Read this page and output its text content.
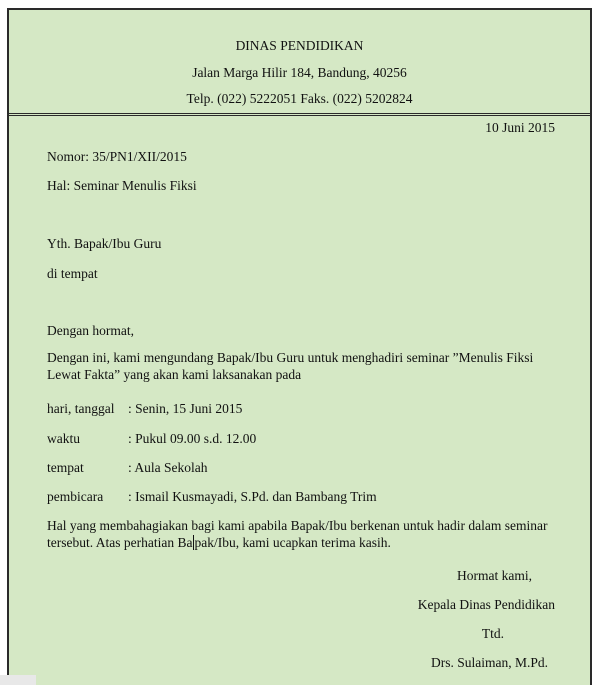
DINAS PENDIDIKAN
Jalan Marga Hilir 184, Bandung, 40256
Telp. (022) 5222051 Faks. (022) 5202824
10 Juni 2015
Nomor: 35/PN1/XII/2015
Hal: Seminar Menulis Fiksi
Yth. Bapak/Ibu Guru
di tempat
Dengan hormat,
Dengan ini, kami mengundang Bapak/Ibu Guru untuk menghadiri seminar ”Menulis Fiksi Lewat Fakta” yang akan kami laksanakan pada
hari, tanggal : Senin, 15 Juni 2015
waktu	: Pukul 09.00 s.d. 12.00
tempat	: Aula Sekolah
pembicara : Ismail Kusmayadi, S.Pd. dan Bambang Trim
Hal yang membahagiakan bagi kami apabila Bapak/Ibu berkenan untuk hadir dalam seminar tersebut. Atas perhatian Ba pak/Ibu, kami ucapkan terima kasih.
Hormat kami,
Kepala Dinas Pendidikan
Ttd.
Drs. Sulaiman, M.Pd.
